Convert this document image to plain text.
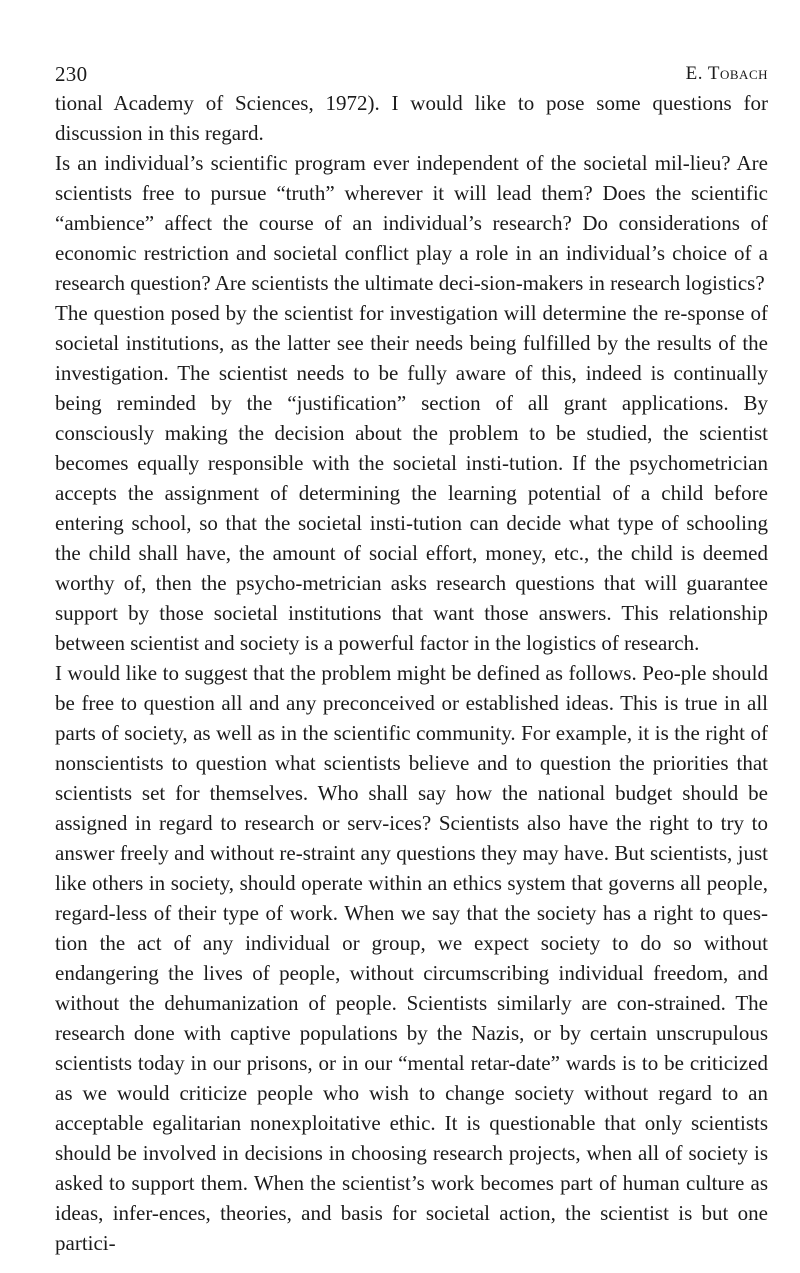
230	E. Tobach

tional Academy of Sciences, 1972). I would like to pose some questions for discussion in this regard.

Is an individual’s scientific program ever independent of the societal mil-lieu? Are scientists free to pursue “truth” wherever it will lead them? Does the scientific “ambience” affect the course of an individual’s research? Do considerations of economic restriction and societal conflict play a role in an individual’s choice of a research question? Are scientists the ultimate deci-sion-makers in research logistics?

The question posed by the scientist for investigation will determine the re-sponse of societal institutions, as the latter see their needs being fulfilled by the results of the investigation. The scientist needs to be fully aware of this, indeed is continually being reminded by the “justification” section of all grant applications. By consciously making the decision about the problem to be studied, the scientist becomes equally responsible with the societal insti-tution. If the psychometrician accepts the assignment of determining the learning potential of a child before entering school, so that the societal insti-tution can decide what type of schooling the child shall have, the amount of social effort, money, etc., the child is deemed worthy of, then the psycho-metrician asks research questions that will guarantee support by those societal institutions that want those answers. This relationship between scientist and society is a powerful factor in the logistics of research.

I would like to suggest that the problem might be defined as follows. Peo-ple should be free to question all and any preconceived or established ideas. This is true in all parts of society, as well as in the scientific community. For example, it is the right of nonscientists to question what scientists believe and to question the priorities that scientists set for themselves. Who shall say how the national budget should be assigned in regard to research or serv-ices? Scientists also have the right to try to answer freely and without re-straint any questions they may have. But scientists, just like others in society, should operate within an ethics system that governs all people, regard-less of their type of work. When we say that the society has a right to ques-tion the act of any individual or group, we expect society to do so without endangering the lives of people, without circumscribing individual freedom, and without the dehumanization of people. Scientists similarly are con-strained. The research done with captive populations by the Nazis, or by certain unscrupulous scientists today in our prisons, or in our “mental retar-date” wards is to be criticized as we would criticize people who wish to change society without regard to an acceptable egalitarian nonexploitative ethic. It is questionable that only scientists should be involved in decisions in choosing research projects, when all of society is asked to support them. When the scientist’s work becomes part of human culture as ideas, infer-ences, theories, and basis for societal action, the scientist is but one partici-
